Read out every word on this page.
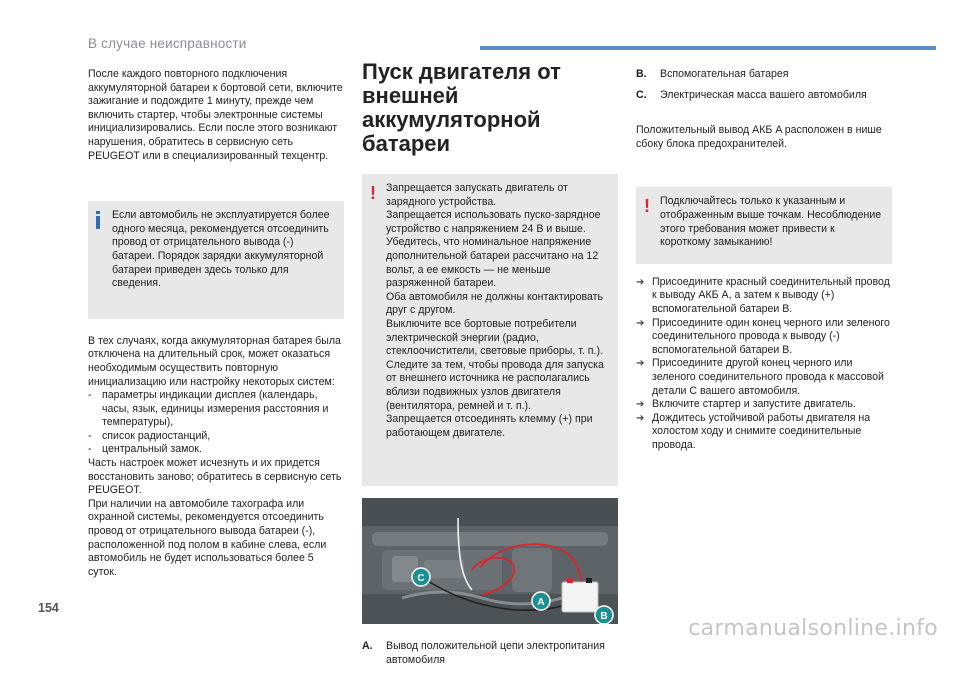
В случае неисправности

После каждого повторного подключения аккумуляторной батареи к бортовой сети, включите зажигание и подождите 1 минуту, прежде чем включить стартер, чтобы электронные системы инициализировались. Если после этого возникают нарушения, обратитесь в сервисную сеть PEUGEOT или в специализированный техцентр.

Если автомобиль не эксплуатируется более одного месяца, рекомендуется отсоединить провод от отрицательного вывода (-) батареи. Порядок зарядки аккумуляторной батареи приведен здесь только для сведения.

В тех случаях, когда аккумуляторная батарея была отключена на длительный срок, может оказаться необходимым осуществить повторную инициализацию или настройку некоторых систем:

- параметры индикации дисплея (календарь, часы, язык, единицы измерения расстояния и температуры),
- список радиостанций,
- центральный замок.

Часть настроек может исчезнуть и их придется восстановить заново; обратитесь в сервисную сеть PEUGEOT.

При наличии на автомобиле тахографа или охранной системы, рекомендуется отсоединить провод от отрицательного вывода батареи (-), расположенной под полом в кабине слева, если автомобиль не будет использоваться более 5 суток.

Пуск двигателя от внешней аккумуляторной батареи
! Запрещается запускать двигатель от зарядного устройства.

Запрещается использовать пуско-зарядное устройство с напряжением 24 В и выше.

Убедитесь, что номинальное напряжение дополнительной батареи рассчитано на 12 вольт, а ее емкость — не меньше разряженной батареи.

Оба автомобиля не должны контактировать друг с другом.

Выключите все бортовые потребители электрической энергии (радио, стеклоочистители, световые приборы, т. п.).

Следите за тем, чтобы провода для запуска от внешнего источника не располагались вблизи подвижных узлов двигателя (вентилятора, ремней и т. п.).

Запрещается отсоединять клемму (+) при работающем двигателе.

C
A
B
A.	Вывод положительной цепи электропитания автомобиля
B.	Вспомогательная батарея
C.	Электрическая масса вашего автомобиля

Положительный вывод АКБ A расположен в нише сбоку блока предохранителей.

! Подключайтесь только к указанным и отображенным выше точкам. Несоблюдение этого требования может привести к короткому замыканию!

➔ Присоедините красный соединительный провод к выводу АКБ A, а затем к выводу (+) вспомогательной батареи B.
➔ Присоедините один конец черного или зеленого соединительного провода к выводу (-) вспомогательной батареи B.
➔ Присоедините другой конец черного или зеленого соединительного провода к массовой детали C вашего автомобиля.
➔ Включите стартер и запустите двигатель.
➔ Дождитесь устойчивой работы двигателя на холостом ходу и снимите соединительные провода.
154
carmanualsonline.info
